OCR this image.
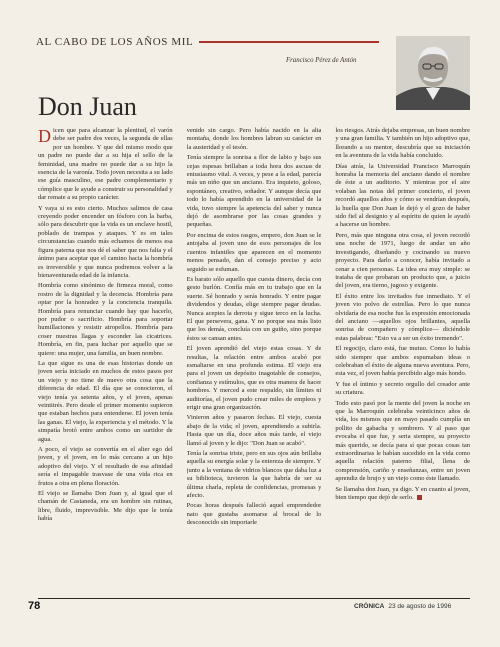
AL CABO DE LOS AÑOS MIL
Francisco Pérez de Antón
Don Juan

Dicen que para alcanzar la plenitud, el varón debe ser padre dos veces, la segunda de ellas por un hombre. Y que del mismo modo que un padre no puede dar a su hija el sello de la feminidad, una madre no puede dar a su hijo la esencia de la varonía. Todo joven necesita a su lado ese guía masculino, ese padre complementario y cómplice que le ayude a construir su personalidad y dar remate a su propio carácter.

Y vaya si es esto cierto. Muchos salimos de casa creyendo poder encender un fósforo con la barba, sólo para descubrir que la vida es un enclave hostil, poblado de trampas y ataques. Y es en tales circunstancias cuando más echamos de menos esa figura paterna que nos dé el saber que nos falta y el ánimo para aceptar que el camino hacia la hombría es irreversible y que nunca podremos volver a la bienaventurada edad de la infancia.

Hombría como sinónimo de firmeza moral, como rostro de la dignidad y la decencia. Hombría para optar por la honradez y la conciencia tranquila. Hombría para renunciar cuando hay que hacerlo, por pudor o sacrificio. Hombría para soportar humillaciones y resistir atropellos. Hombría para coser nuestras llagas y esconder las cicatrices. Hombría, en fin, para luchar por aquello que se quiere: una mujer, una familia, un buen nombre.

La que sigue es una de esas historias donde un joven sería iniciado en muchos de estos pasos por un viejo y no tiene de nuevo otra cosa que la diferencia de edad. El día que se conocieron, el viejo tenía ya setenta años, y el joven, apenas veintitrés. Pero desde el primer momento supieron que estaban hechos para entenderse. El joven tenía las ganas. El viejo, la experiencia y el método. Y la simpatía brotó entre ambos como un surtidor de agua.

A poco, el viejo se convertía en el alter ego del joven, y el joven, en lo más cercano a un hijo adoptivo del viejo. Y el resultado de esa afinidad sería el impagable trasvase de una vida rica en frutos a otra en plena floración.

El viejo se llamaba Don Juan y, al igual que el chamán de Castaneda, era un hombre sin rutinas, libre, fluido, imprevisible. Me dijo que le tenía había

venido sin cargo. Pero había nacido en la alta montaña, donde los hombres labran su carácter en la austeridad y el tesón.

Tenía siempre la sonrisa a flor de labio y bajo sus cejas espesas brillaban a toda hora dos ascuas de entusiasmo vital. A veces, y pese a la edad, parecía más un niño que un anciano. Era inquieto, goloso, espontáneo, creativo, soñador. Y aunque decía que todo lo había aprendido en la universidad de la vida, tuvo siempre la apetencia del saber y nunca dejó de asombrarse por las cosas grandes y pequeñas.

Por encima de estos rasgos, empero, don Juan se le antojaba al joven uno de esos personajes de los cuentos infantiles que aparecen en el momento menos pensado, dan el consejo preciso y acto seguido se esfuman.

Es barato sólo aquello que cuesta dinero, decía con gesto burlón. Confía más en tu trabajo que en la suerte. Sé honrado y serás honrado. Y entre pagar dividendos y deudas, elige siempre pagar deudas. Nunca aceptes la derrota y sigue terco en la lucha. El que persevera, gana. Y no porque sea más listo que los demás, concluía con un guiño, sino porque éstos se cansan antes.

El joven aprendió del viejo estas cosas. Y de resultas, la relación entre ambos acabó por esmaltarse en una profunda estima. El viejo era para el joven un depósito inagotable de consejos, confianza y estímulos, que es otra manera de hacer hombres. Y merced a este respaldo, sin límites ni auditorías, el joven pudo crear miles de empleos y erigir una gran organización.

Vinieron años y pasaron fechas. El viejo, cuesta abajo de la vida; el joven, aprendiendo a subirla. Hasta que un día, doce años más tarde, el viejo llamó al joven y le dijo: "Don Juan se acabó".

Tenía la sonrisa triste, pero en sus ojos aún brillaba aquella su energía solar y la entereza de siempre. Y junto a la ventana de vidrios blancos que daba luz a su biblioteca, tuvieron la que habría de ser su última charla, repleta de confidencias, promesas y afecto.

Pocas horas después falleció aquel emprendedor nato que gustaba asomarse al brocal de lo desconocido sin importarle

los riesgos. Atrás dejaba empresas, un buen nombre y una gran familia. Y también un hijo adoptivo que, llorando a su mentor, descubría que su iniciación en la aventura de la vida había concluido.

Días atrás, la Universidad Francisco Marroquín honraba la memoria del anciano dando el nombre de éste a un auditorio. Y mientras por el aire volaban las notas del primer concierto, el joven recordó aquellos años y cómo se vendrían después, la huella que Don Juan le dejó y el gozo de haber sido fiel al designio y al espíritu de quien le ayudó a hacerse un hombre.

Pero, más que ninguna otra cosa, el joven recordó una noche de 1971, luego de andar un año investigando, diseñando y cocinando su nuevo proyecto. Para darlo a conocer, había invitado a cenar a cien personas. La idea era muy simple: se trataba de que probaran un producto que, a juicio del joven, era tierno, jugoso y exigente.

El éxito entre los invitados fue inmediato. Y el joven vio polvo de estrellas. Pero lo que nunca olvidaría de esa noche fue la expresión emocionada del anciano —aquellos ojos brillantes, aquella sonrisa de compañero y cómplice— diciéndole estas palabras: "Esto va a ser un éxito tremendo".

El regocijo, claro está, fue mutuo. Como lo había sido siempre que ambos espumaban ideas o celebraban el éxito de alguna nueva aventura. Pero, esta vez, el joven había percibido algo más hondo.

Y fue el íntimo y secreto orgullo del creador ante su criatura.

Todo esto pasó por la mente del joven la noche en que la Marroquín celebraba veinticinco años de vida, los mismos que en mayo pasado cumplía un pollito de gabacha y sombrero. Y al paso que evocaba el que fue, y seria siempre, su proyecto más querido, se decía para sí que pocas cosas tan extraordinarias le habían sucedido en la vida como aquella relación paterno filial, llena de comprensión, cariño y enseñanzas, entre un joven aprendiz de brujo y un viejo como éste llamado.

Se llamaba don Juan, ya digo. Y en cuanto al joven, bien tiempo que dejó de serlo.

78	CRÓNICA 23 de agosto de 1996
